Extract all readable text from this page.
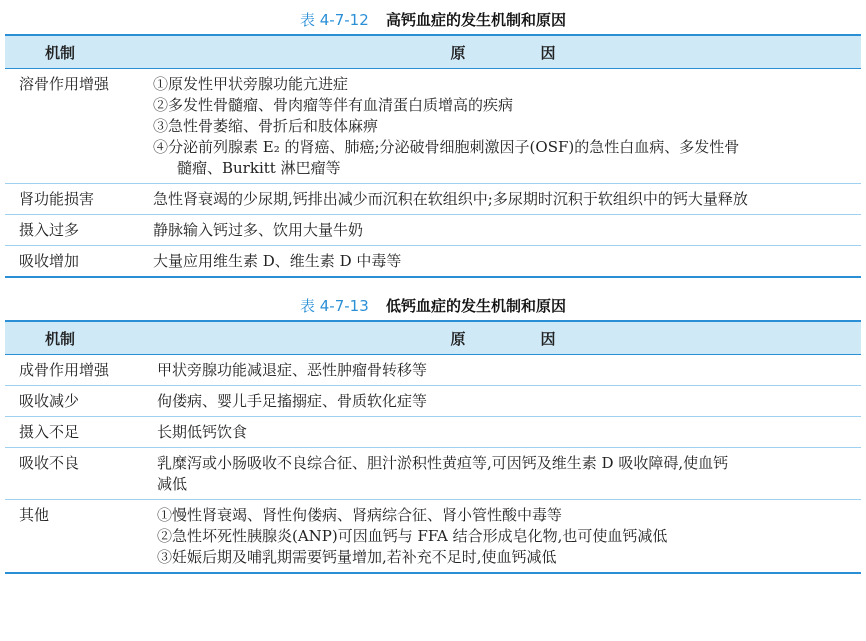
表 4-7-12 高钙血症的发生机制和原因
机制	原　因
溶骨作用增强	①原发性甲状旁腺功能亢进症
②多发性骨髓瘤、骨肉瘤等伴有血清蛋白质增高的疾病
③急性骨萎缩、骨折后和肢体麻痹
④分泌前列腺素 E₂ 的肾癌、肺癌;分泌破骨细胞刺激因子(OSF)的急性白血病、多发性骨
髓瘤、Burkitt 淋巴瘤等

肾功能损害	急性肾衰竭的少尿期,钙排出减少而沉积在软组织中;多尿期时沉积于软组织中的钙大量释放

摄入过多	静脉输入钙过多、饮用大量牛奶

吸收增加	大量应用维生素 D、维生素 D 中毒等
表 4-7-13 低钙血症的发生机制和原因
机制	原　因
成骨作用增强	甲状旁腺功能减退症、恶性肿瘤骨转移等

吸收减少	佝偻病、婴儿手足搐搦症、骨质软化症等

摄入不足	长期低钙饮食

吸收不良	乳糜泻或小肠吸收不良综合征、胆汁淤积性黄疸等,可因钙及维生素 D 吸收障碍,使血钙
减低

其他	①慢性肾衰竭、肾性佝偻病、肾病综合征、肾小管性酸中毒等
②急性坏死性胰腺炎(ANP)可因血钙与 FFA 结合形成皂化物,也可使血钙减低
③妊娠后期及哺乳期需要钙量增加,若补充不足时,使血钙减低
